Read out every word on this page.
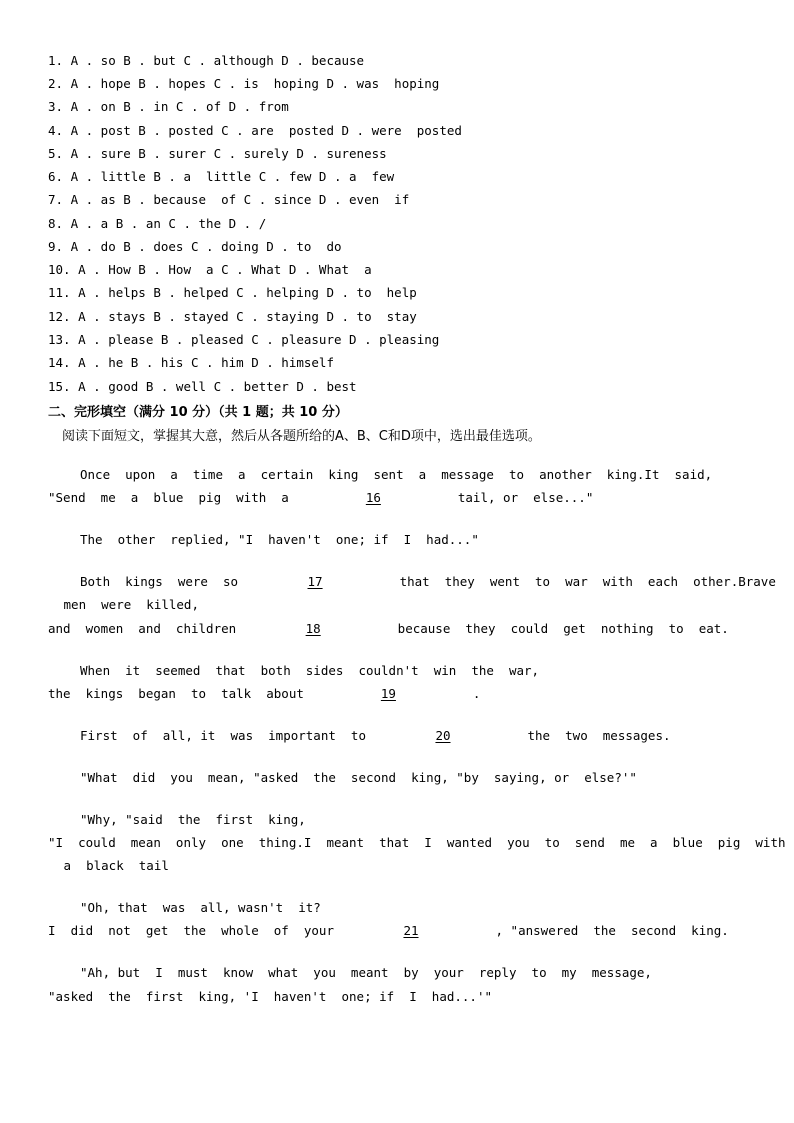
1. A . so B . but C . although D . because
2. A . hope B . hopes C . is  hoping D . was  hoping
3. A . on B . in C . of D . from
4. A . post B . posted C . are  posted D . were  posted
5. A . sure B . surer C . surely D . sureness
6. A . little B . a  little C . few D . a  few
7. A . as B . because  of C . since D . even  if
8. A . a B . an C . the D . /
9. A . do B . does C . doing D . to  do
10. A . How B . How  a C . What D . What  a
11. A . helps B . helped C . helping D . to  help
12. A . stays B . stayed C . staying D . to  stay
13. A . please B . pleased C . pleasure D . pleasing
14. A . he B . his C . him D . himself
15. A . good B . well C . better D . best
二、完形填空（满分 10 分）（共 1 题；共 10 分）
阅读下面短文，掌握其大意，然后从各题所给的A、B、C和D项中，选出最佳选项。
Once  upon  a  time  a  certain  king  sent  a  message  to  another  king.It  said,
"Send  me  a  blue  pig  with  a	16	tail, or  else..."
The  other  replied, "I  haven't  one; if  I  had..."
Both  kings  were  so	17	that  they  went  to  war  with  each  other.Brave
men  were  killed,
and  women  and  children	18	because  they  could  get  nothing  to  eat.
When  it  seemed  that  both  sides  couldn't  win  the  war,
the  kings  began  to  talk  about	19	.
First  of  all, it  was  important  to	20	the  two  messages.
"What  did  you  mean, "asked  the  second  king, "by  saying, or  else?'"
"Why, "said  the  first  king,
"I  could  mean  only  one  thing.I  meant  that  I  wanted  you  to  send  me  a  blue  pig  with
a  black  tail
"Oh, that  was  all, wasn't  it?
I  did  not  get  the  whole  of  your	21	, "answered  the  second  king.
"Ah, but  I  must  know  what  you  meant  by  your  reply  to  my  message,
"asked  the  first  king, 'I  haven't  one; if  I  had...'"
